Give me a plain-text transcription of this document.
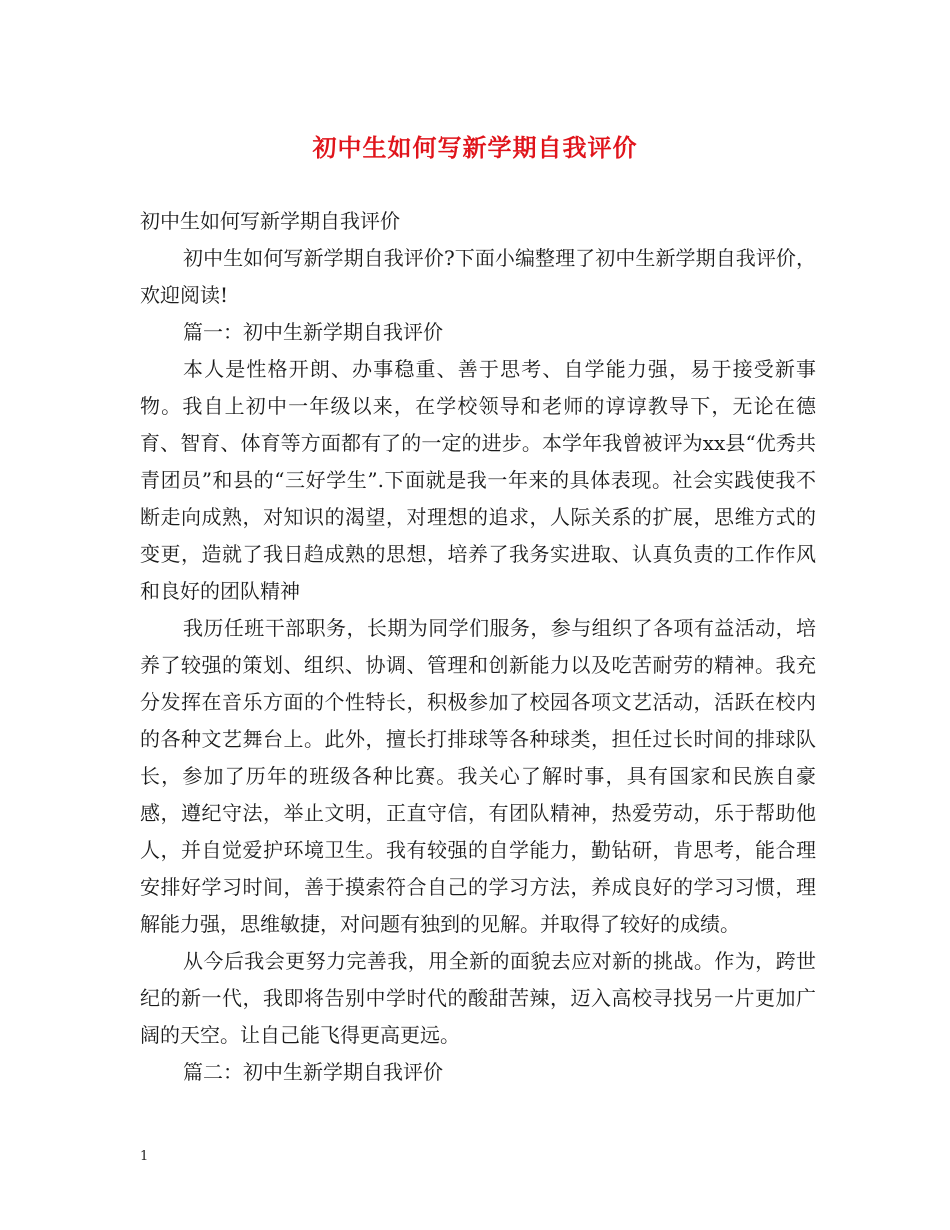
初中生如何写新学期自我评价

初中生如何写新学期自我评价

初中生如何写新学期自我评价?下面小编整理了初中生新学期自我评价，欢迎阅读!

篇一：初中生新学期自我评价

本人是性格开朗、办事稳重、善于思考、自学能力强，易于接受新事物。我自上初中一年级以来，在学校领导和老师的谆谆教导下，无论在德育、智育、体育等方面都有了的一定的进步。本学年我曾被评为xx县“优秀共青团员”和县的“三好学生”.下面就是我一年来的具体表现。社会实践使我不断走向成熟，对知识的渴望，对理想的追求，人际关系的扩展，思维方式的变更，造就了我日趋成熟的思想，培养了我务实进取、认真负责的工作作风和良好的团队精神

我历任班干部职务，长期为同学们服务，参与组织了各项有益活动，培养了较强的策划、组织、协调、管理和创新能力以及吃苦耐劳的精神。我充分发挥在音乐方面的个性特长，积极参加了校园各项文艺活动，活跃在校内的各种文艺舞台上。此外，擅长打排球等各种球类，担任过长时间的排球队长，参加了历年的班级各种比赛。我关心了解时事，具有国家和民族自豪感，遵纪守法，举止文明，正直守信，有团队精神，热爱劳动，乐于帮助他人，并自觉爱护环境卫生。我有较强的自学能力，勤钻研，肯思考，能合理安排好学习时间，善于摸索符合自己的学习方法，养成良好的学习习惯，理解能力强，思维敏捷，对问题有独到的见解。并取得了较好的成绩。

从今后我会更努力完善我，用全新的面貌去应对新的挑战。作为，跨世纪的新一代，我即将告别中学时代的酸甜苦辣，迈入高校寻找另一片更加广阔的天空。让自己能飞得更高更远。

篇二：初中生新学期自我评价

1
